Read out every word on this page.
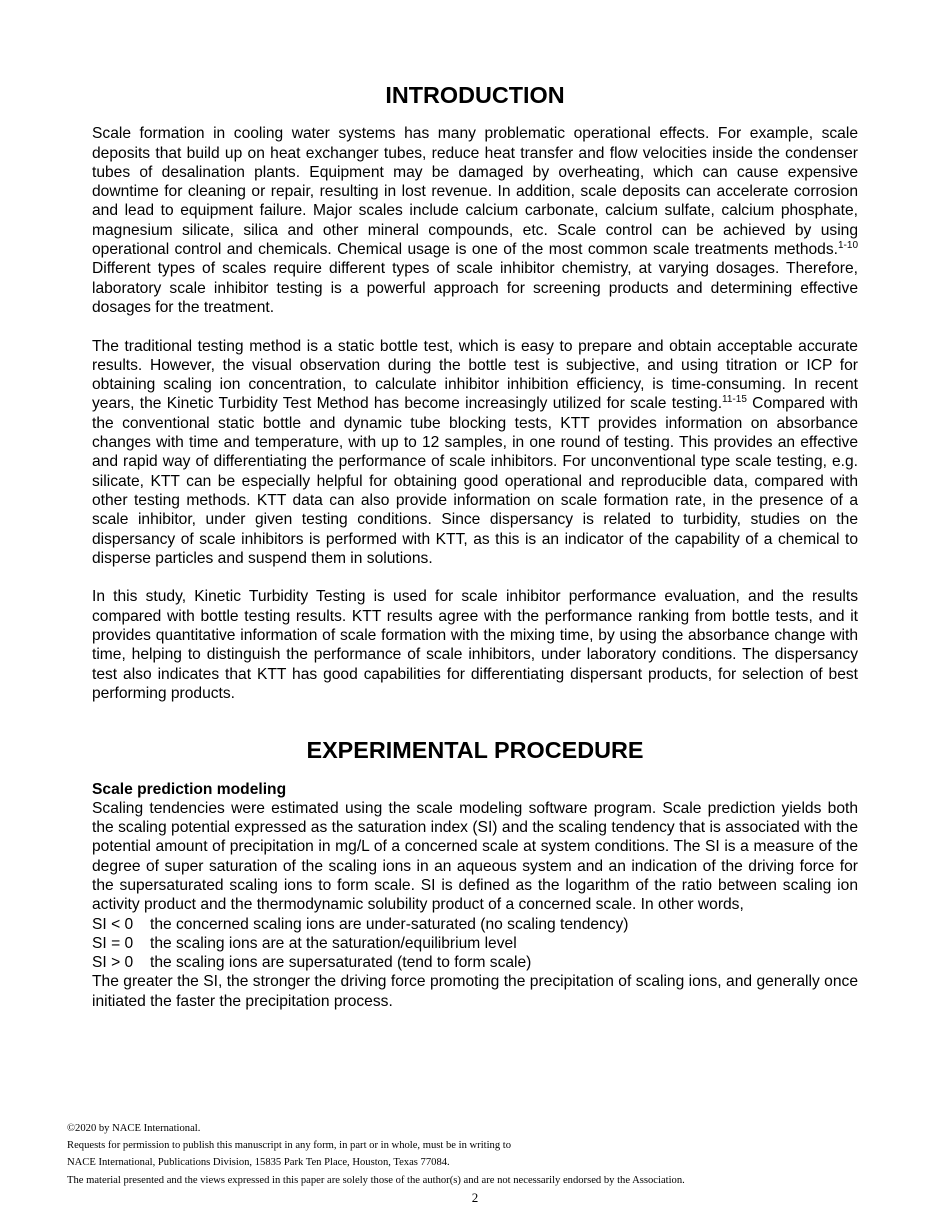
INTRODUCTION

Scale formation in cooling water systems has many problematic operational effects. For example, scale deposits that build up on heat exchanger tubes, reduce heat transfer and flow velocities inside the condenser tubes of desalination plants. Equipment may be damaged by overheating, which can cause expensive downtime for cleaning or repair, resulting in lost revenue. In addition, scale deposits can accelerate corrosion and lead to equipment failure. Major scales include calcium carbonate, calcium sulfate, calcium phosphate, magnesium silicate, silica and other mineral compounds, etc. Scale control can be achieved by using operational control and chemicals. Chemical usage is one of the most common scale treatments methods.$^{1-10}$ Different types of scales require different types of scale inhibitor chemistry, at varying dosages. Therefore, laboratory scale inhibitor testing is a powerful approach for screening products and determining effective dosages for the treatment.

The traditional testing method is a static bottle test, which is easy to prepare and obtain acceptable accurate results. However, the visual observation during the bottle test is subjective, and using titration or ICP for obtaining scaling ion concentration, to calculate inhibitor inhibition efficiency, is time-consuming. In recent years, the Kinetic Turbidity Test Method has become increasingly utilized for scale testing.$^{11-15}$ Compared with the conventional static bottle and dynamic tube blocking tests, KTT provides information on absorbance changes with time and temperature, with up to 12 samples, in one round of testing. This provides an effective and rapid way of differentiating the performance of scale inhibitors. For unconventional type scale testing, e.g. silicate, KTT can be especially helpful for obtaining good operational and reproducible data, compared with other testing methods. KTT data can also provide information on scale formation rate, in the presence of a scale inhibitor, under given testing conditions. Since dispersancy is related to turbidity, studies on the dispersancy of scale inhibitors is performed with KTT, as this is an indicator of the capability of a chemical to disperse particles and suspend them in solutions.

In this study, Kinetic Turbidity Testing is used for scale inhibitor performance evaluation, and the results compared with bottle testing results. KTT results agree with the performance ranking from bottle tests, and it provides quantitative information of scale formation with the mixing time, by using the absorbance change with time, helping to distinguish the performance of scale inhibitors, under laboratory conditions. The dispersancy test also indicates that KTT has good capabilities for differentiating dispersant products, for selection of best performing products.

EXPERIMENTAL PROCEDURE
Scale prediction modeling

Scaling tendencies were estimated using the scale modeling software program. Scale prediction yields both the scaling potential expressed as the saturation index (SI) and the scaling tendency that is associated with the potential amount of precipitation in mg/L of a concerned scale at system conditions. The SI is a measure of the degree of super saturation of the scaling ions in an aqueous system and an indication of the driving force for the supersaturated scaling ions to form scale. SI is defined as the logarithm of the ratio between scaling ion activity product and the thermodynamic solubility product of a concerned scale. In other words,

SI < 0	the concerned scaling ions are under-saturated (no scaling tendency)
SI = 0	the scaling ions are at the saturation/equilibrium level
SI > 0	the scaling ions are supersaturated (tend to form scale)

The greater the SI, the stronger the driving force promoting the precipitation of scaling ions, and generally once initiated the faster the precipitation process.

©2020 by NACE International.
Requests for permission to publish this manuscript in any form, in part or in whole, must be in writing to
NACE International, Publications Division, 15835 Park Ten Place, Houston, Texas 77084.
The material presented and the views expressed in this paper are solely those of the author(s) and are not necessarily endorsed by the Association.
2
